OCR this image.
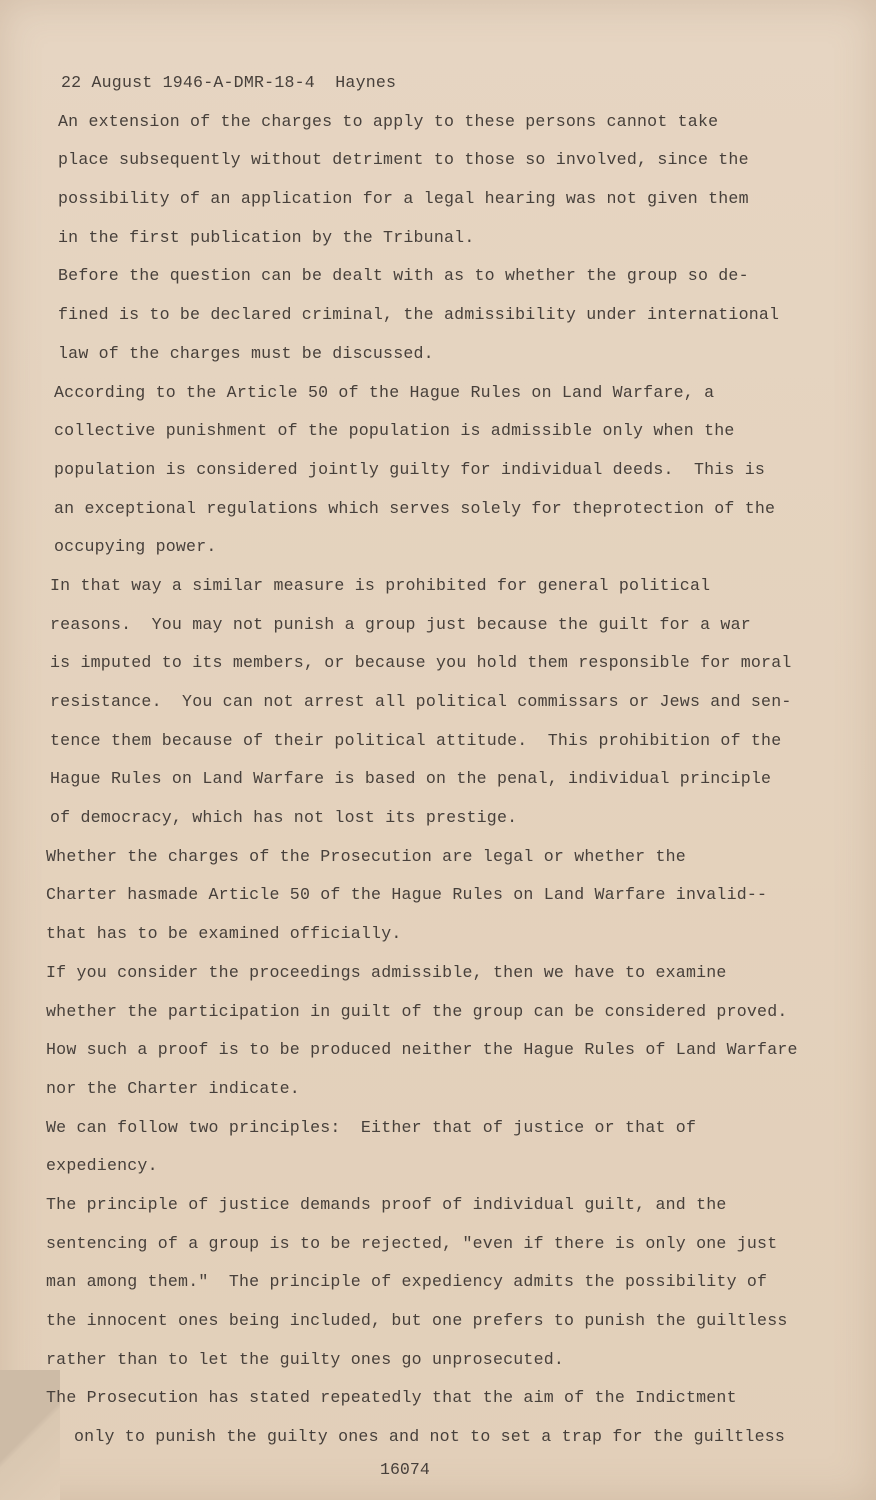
22 August 1946-A-DMR-18-4  Haynes
An extension of the charges to apply to these persons cannot take
place subsequently without detriment to those so involved, since the
possibility of an application for a legal hearing was not given them
in the first publication by the Tribunal.
Before the question can be dealt with as to whether the group so de-
fined is to be declared criminal, the admissibility under international
law of the charges must be discussed.
According to the Article 50 of the Hague Rules on Land Warfare, a
collective punishment of the population is admissible only when the
population is considered jointly guilty for individual deeds.  This is
an exceptional regulations which serves solely for theprotection of the
occupying power.
In that way a similar measure is prohibited for general political
reasons.  You may not punish a group just because the guilt for a war
is imputed to its members, or because you hold them responsible for moral
resistance.  You can not arrest all political commissars or Jews and sen-
tence them because of their political attitude.  This prohibition of the
Hague Rules on Land Warfare is based on the penal, individual principle
of democracy, which has not lost its prestige.
Whether the charges of the Prosecution are legal or whether the
Charter hasmade Article 50 of the Hague Rules on Land Warfare invalid--
that has to be examined officially.
If you consider the proceedings admissible, then we have to examine
whether the participation in guilt of the group can be considered proved.
How such a proof is to be produced neither the Hague Rules of Land Warfare
nor the Charter indicate.
We can follow two principles:  Either that of justice or that of
expediency.
The principle of justice demands proof of individual guilt, and the
sentencing of a group is to be rejected, "even if there is only one just
man among them."  The principle of expediency admits the possibility of
the innocent ones being included, but one prefers to punish the guiltless
rather than to let the guilty ones go unprosecuted.
The Prosecution has stated repeatedly that the aim of the Indictment
only to punish the guilty ones and not to set a trap for the guiltless
16074
